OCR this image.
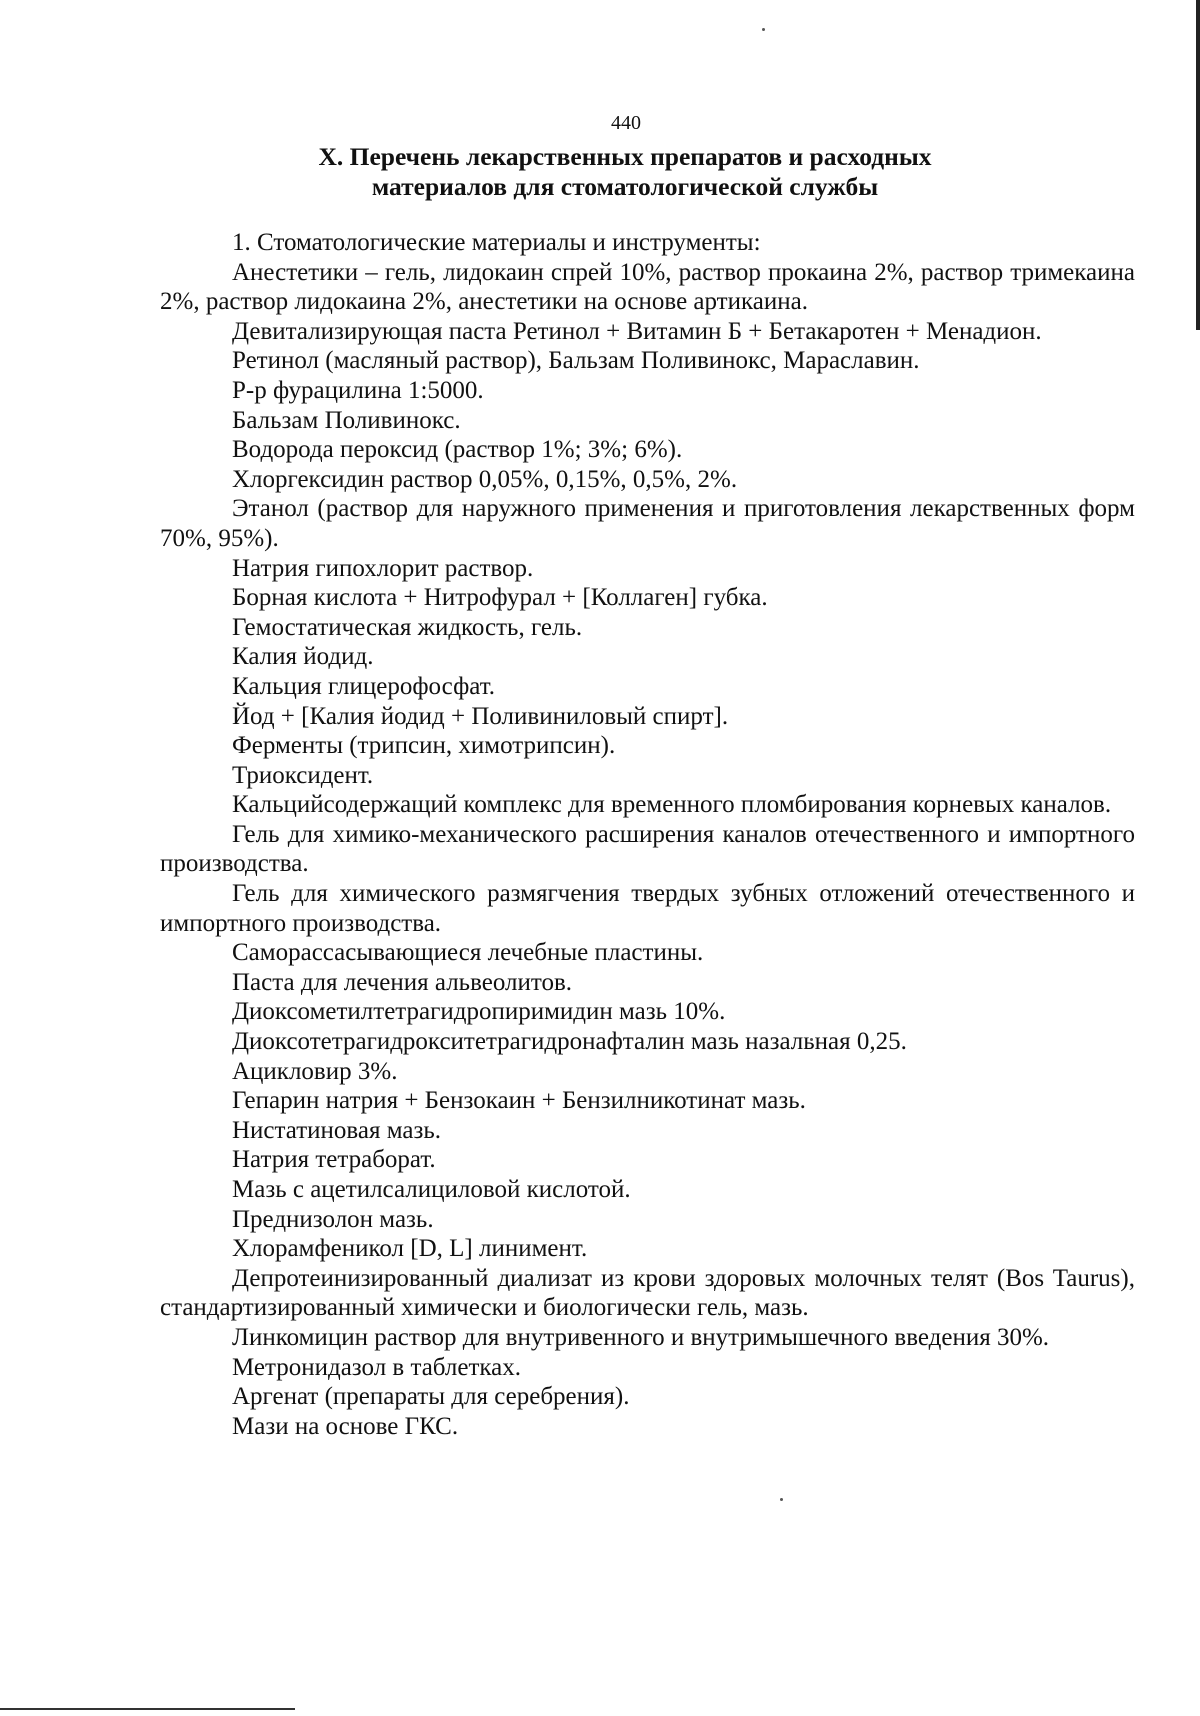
440
X. Перечень лекарственных препаратов и расходных
материалов для стоматологической службы

1. Стоматологические материалы и инструменты:

Анестетики – гель, лидокаин спрей 10%, раствор прокаина 2%, раствор тримекаина 2%, раствор лидокаина 2%, анестетики на основе артикаина.

Девитализирующая паста Ретинол + Витамин Б + Бетакаротен + Менадион.

Ретинол (масляный раствор), Бальзам Поливинокс, Мараславин.

Р-р фурацилина 1:5000.

Бальзам Поливинокс.

Водорода пероксид (раствор 1%; 3%; 6%).

Хлоргексидин раствор 0,05%, 0,15%, 0,5%, 2%.

Этанол (раствор для наружного применения и приготовления лекарственных форм 70%, 95%).

Натрия гипохлорит раствор.

Борная кислота + Нитрофурал + [Коллаген] губка.

Гемостатическая жидкость, гель.

Калия йодид.

Кальция глицерофосфат.

Йод + [Калия йодид + Поливиниловый спирт].

Ферменты (трипсин, химотрипсин).

Триоксидент.

Кальцийсодержащий комплекс для временного пломбирования корневых каналов.

Гель для химико-механического расширения каналов отечественного и импортного производства.

Гель для химического размягчения твердых зубных отложений отечественного и импортного производства.

Саморассасывающиеся лечебные пластины.

Паста для лечения альвеолитов.

Диоксометилтетрагидропиримидин мазь 10%.

Диоксотетрагидрокситетрагидронафталин мазь назальная 0,25.

Ацикловир 3%.

Гепарин натрия + Бензокаин + Бензилникотинат мазь.

Нистатиновая мазь.

Натрия тетраборат.

Мазь с ацетилсалициловой кислотой.

Преднизолон мазь.

Хлорамфеникол [D, L] линимент.

Депротеинизированный диализат из крови здоровых молочных телят (Bos Taurus), стандартизированный химически и биологически гель, мазь.

Линкомицин раствор для внутривенного и внутримышечного введения 30%.

Метронидазол в таблетках.

Аргенат (препараты для серебрения).

Мази на основе ГКС.
